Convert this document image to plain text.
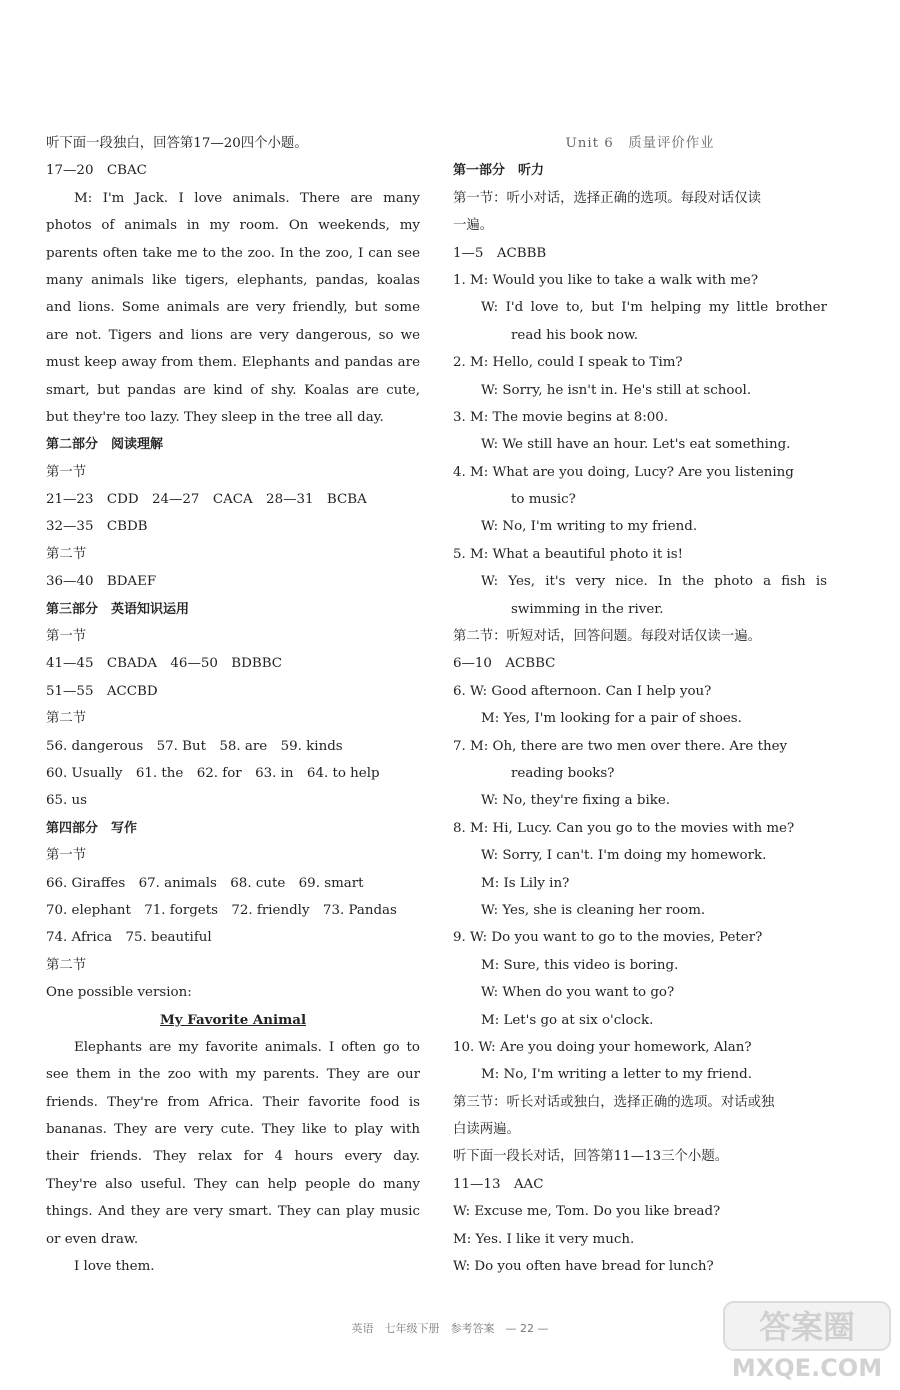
听下面一段独白，回答第17—20四个小题。
17—20　CBAC
M: I'm Jack. I love animals. There are many
photos of animals in my room. On weekends, my
parents often take me to the zoo. In the zoo, I can see
many animals like tigers, elephants, pandas, koalas
and lions. Some animals are very friendly, but some
are not. Tigers and lions are very dangerous, so we
must keep away from them. Elephants and pandas are
smart, but pandas are kind of shy. Koalas are cute,
but they're too lazy. They sleep in the tree all day.
第二部分　阅读理解
第一节
21—23　CDD　24—27　CACA　28—31　BCBA
32—35　CBDB
第二节
36—40　BDAEF
第三部分　英语知识运用
第一节
41—45　CBADA　46—50　BDBBC
51—55　ACCBD
第二节
56. dangerous　57. But　58. are　59. kinds
60. Usually　61. the　62. for　63. in　64. to help
65. us
第四部分　写作
第一节
66. Giraffes　67. animals　68. cute　69. smart
70. elephant　71. forgets　72. friendly　73. Pandas
74. Africa　75. beautiful
第二节
One possible version:
My Favorite Animal
Elephants are my favorite animals. I often go to
see them in the zoo with my parents. They are our
friends. They're from Africa. Their favorite food is
bananas. They are very cute. They like to play with
their friends. They relax for 4 hours every day.
They're also useful. They can help people do many
things. And they are very smart. They can play music
or even draw.
I love them.
Unit 6　质量评价作业
第一部分　听力
第一节：听小对话，选择正确的选项。每段对话仅读
一遍。
1—5　ACBBB
1. M: Would you like to take a walk with me?
W: I'd love to, but I'm helping my little brother
read his book now.
2. M: Hello, could I speak to Tim?
W: Sorry, he isn't in. He's still at school.
3. M: The movie begins at 8:00.
W: We still have an hour. Let's eat something.
4. M: What are you doing, Lucy? Are you listening
to music?
W: No, I'm writing to my friend.
5. M: What a beautiful photo it is!
W: Yes, it's very nice. In the photo a fish is
swimming in the river.
第二节：听短对话，回答问题。每段对话仅读一遍。
6—10　ACBBC
6. W: Good afternoon. Can I help you?
M: Yes, I'm looking for a pair of shoes.
7. M: Oh, there are two men over there. Are they
reading books?
W: No, they're fixing a bike.
8. M: Hi, Lucy. Can you go to the movies with me?
W: Sorry, I can't. I'm doing my homework.
M: Is Lily in?
W: Yes, she is cleaning her room.
9. W: Do you want to go to the movies, Peter?
M: Sure, this video is boring.
W: When do you want to go?
M: Let's go at six o'clock.
10. W: Are you doing your homework, Alan?
M: No, I'm writing a letter to my friend.
第三节：听长对话或独白，选择正确的选项。对话或独
白读两遍。
听下面一段长对话，回答第11—13三个小题。
11—13　AAC
W: Excuse me, Tom. Do you like bread?
M: Yes. I like it very much.
W: Do you often have bread for lunch?
英语　七年级下册　参考答案　— 22 —	答案圈
MXQE.COM
